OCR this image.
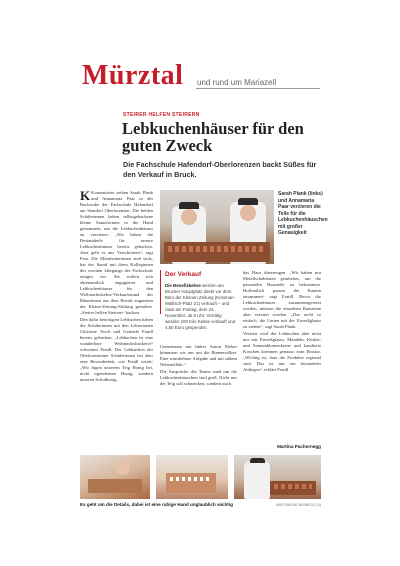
Mürztal und rund um Mariazell
STEIRER HELFEN STEIRERN
Lebkuchenhäuser für den guten Zweck
Die Fachschule Hafendorf-Oberlorenzen backt Süßes für den Verkauf in Bruck.

K Konzentriert stehen Sarah Plank und Annamaria Paar in der Backstube der Fachschule Hafendorf am Standort Oberlorenzen. Die beiden Schülerinnen haben selbstgebackene kleine Stanzformen in die Hand genommen, um die Lebkuchenhäuser zu verzieren. „Wir haben die Bestandteile für unsere Lebkuchenhäuser bereits gebacken. Jetzt geht es ans Verschönern“, sagt Paar. Die Mitarbeiterinnen sind stolz, hat der Stand mit ihren Kolleginnen des zweiten Jahrgangs der Fachschule einiges vor: Sie wollen sich ehrenamtlich engagieren und Lebkuchenhäuser für den Weihnachtskekse-Verkaufsstand der Bäuerinnen aus dem Bezirk zugunsten der Kleine-Zeitung-Stiftung gestalten. „Steirer helfen Steirern“ backen.

Den dafür benötigten Lebkuchen haben die Schülerinnen mit den Lehrerinnen Christine Tesch und Gabriele Fraidl bereits gebacken. „Lebkuchen ist eine wunderbare Weihnachtsbäckerei“ schwärmt Fraidl. Der Lebkuchen der Oberlorenzener Schülerinnen hat aber eine Besonderheit, wie Fraidl verrät: „Wir fügen unserem Teig Honig bei, nicht irgendeinen Honig, sondern unseren Schulhonig.

Sarah Plank (links) und Annamaria Paar verzieren die Teile für die Lebkuchenhäuschen mit großer Genauigkeit
Der Verkauf
Die Benefizkekse werden am Brucker Hauptplatz direkt vor dem Büro der Kleinen Zeitung (Koloman-Wallisch-Platz 21) verkauft – und zwar am Freitag, dem 24. November, ab 8 Uhr. Vorrätig werden 100 Kilo Kekse verkauft und 4,50 Euro gespendet.

Gemeinsam mit Imker Anton Nieber kümmern wir uns um die Bienenvölker. Eine wunderbare Aufgabe und mit süßem Nebeneffekt.“

Die Ansprüche des Teams rund um die Lebkuchenhäuschen sind groß. Nicht nur der Teig soll schmecken, sondern auch

das Haus überzeugen. „Wir haben mit Metallschablonen gearbeitet, um die passenden Hausteile zu bekommen. Hoffentlich passen die Kanten zusammen“ sagt Fraidl. Bevor die Lebkuchenhäuser zusammengesetzt werden, müssen die einzelnen Bausteine aber verziert werden. „Das nicht so einfach, die Linien mit der Eiweißglasur zu ziehen“, sagt Sarah Plank.

Verziert wird der Lebkuchen aber nicht nur mit Eiweißglasur, Mandeln, Kürbis- und Sonnenblumenkerne und kandierte Kirschen kommen genauso zum Einsatz. „Wichtig ist, dass die Produkte regional sind. Das ist uns ein besonderes Anliegen“, erklärt Fraidl.

Martina Pachernegg
Es geht um die Details, dabei ist eine ruhige Hand unglaublich wichtig	MARTINA PACHERNEGG (4)
